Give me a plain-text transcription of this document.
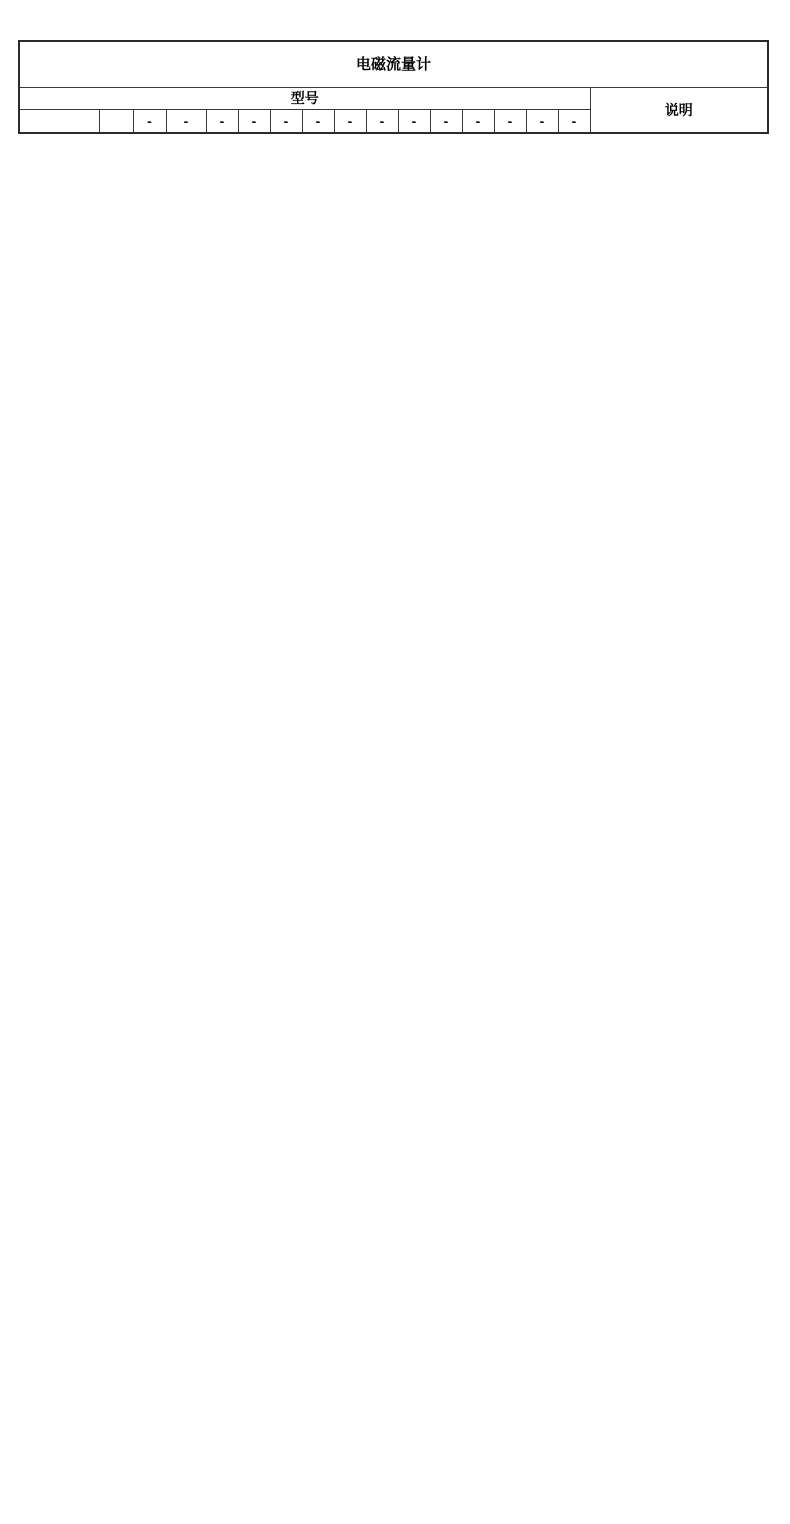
电磁流量计																
型号																说明
		-	-	-	-	-	-	-	-	-	-	-	-	-	-	
